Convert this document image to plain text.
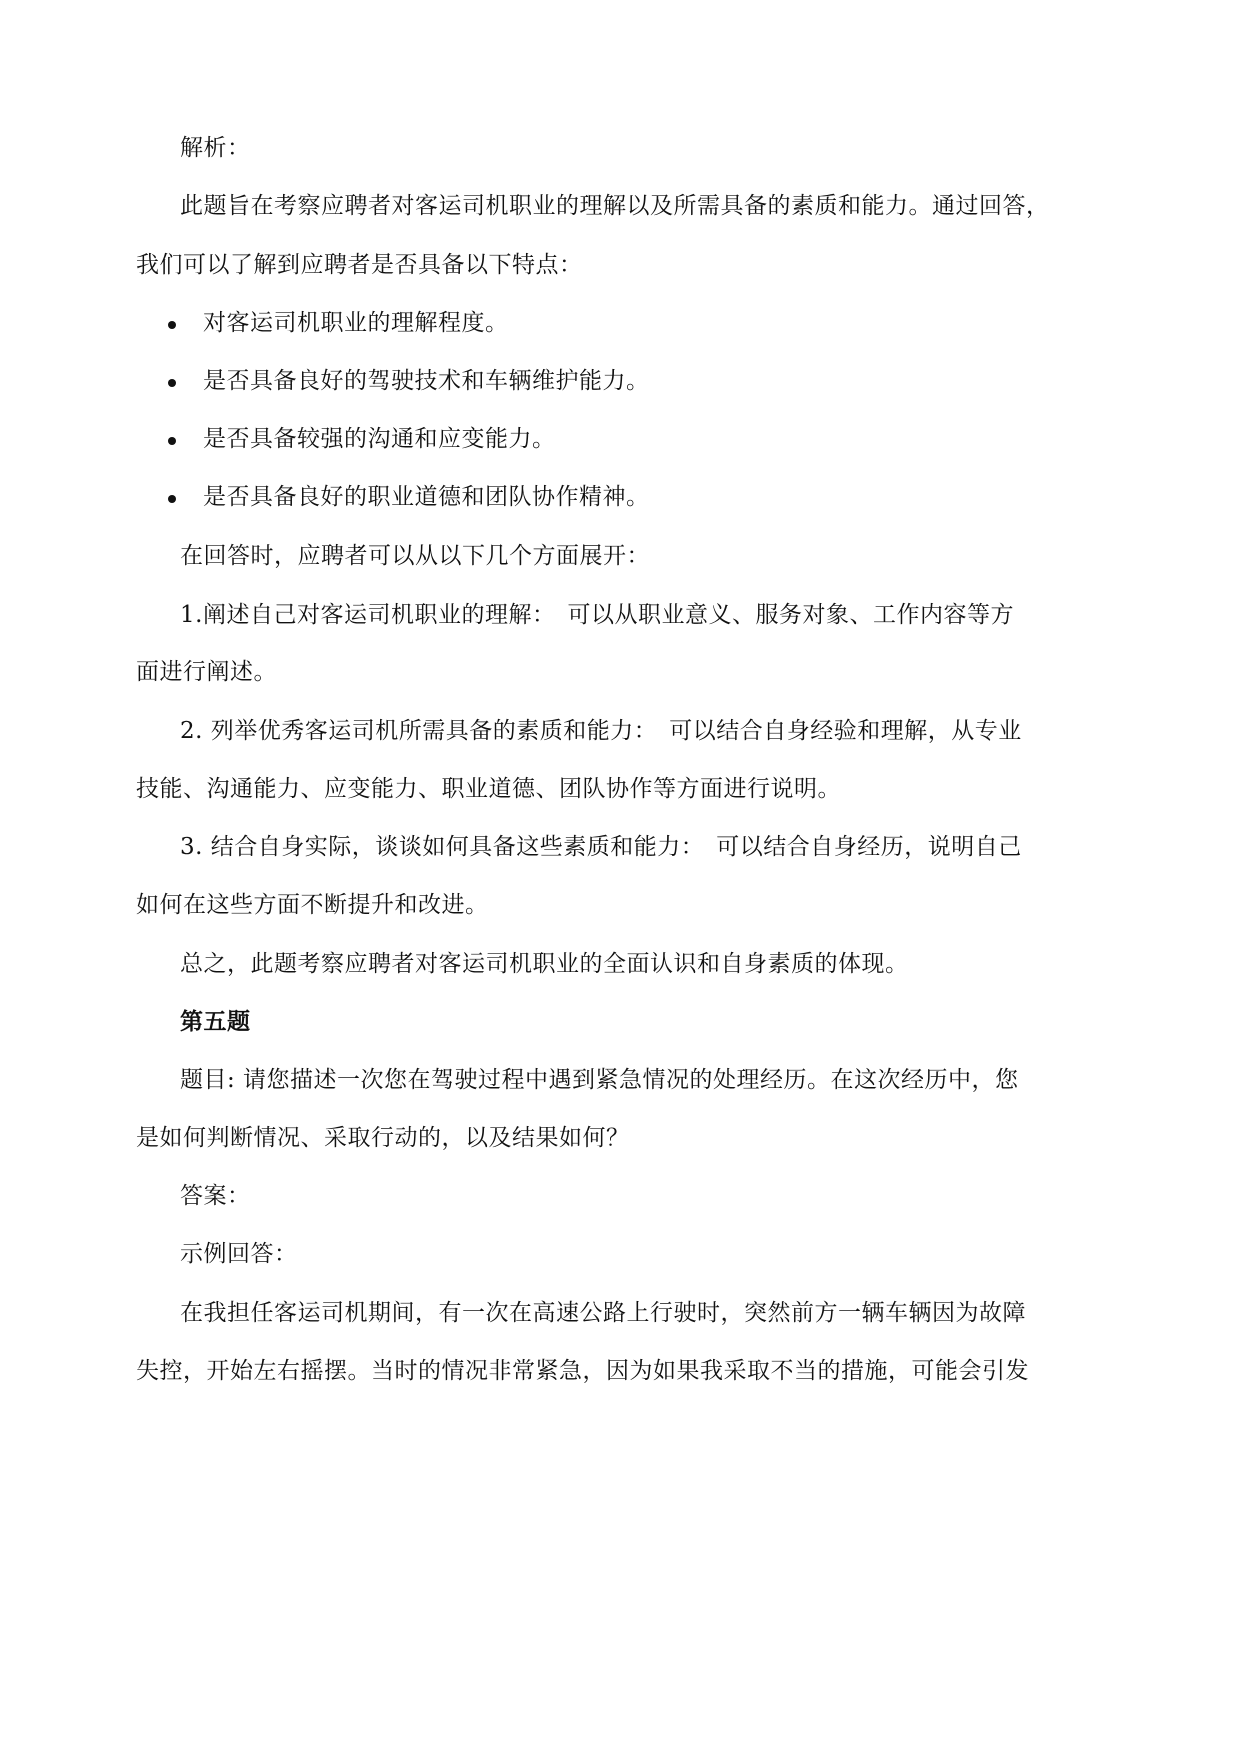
解析：
此题旨在考察应聘者对客运司机职业的理解以及所需具备的素质和能力。通过回答，
我们可以了解到应聘者是否具备以下特点：
对客运司机职业的理解程度。
是否具备良好的驾驶技术和车辆维护能力。
是否具备较强的沟通和应变能力。
是否具备良好的职业道德和团队协作精神。
在回答时，应聘者可以从以下几个方面展开：
1.阐述自己对客运司机职业的理解：　可以从职业意义、服务对象、工作内容等方
面进行阐述。
2. 列举优秀客运司机所需具备的素质和能力：　可以结合自身经验和理解，从专业
技能、沟通能力、应变能力、职业道德、团队协作等方面进行说明。
3. 结合自身实际，谈谈如何具备这些素质和能力：　可以结合自身经历，说明自己
如何在这些方面不断提升和改进。
总之，此题考察应聘者对客运司机职业的全面认识和自身素质的体现。
第五题
题目: 请您描述一次您在驾驶过程中遇到紧急情况的处理经历。在这次经历中，您
是如何判断情况、采取行动的，以及结果如何？
答案：
示例回答：
在我担任客运司机期间，有一次在高速公路上行驶时，突然前方一辆车辆因为故障
失控，开始左右摇摆。当时的情况非常紧急，因为如果我采取不当的措施，可能会引发
